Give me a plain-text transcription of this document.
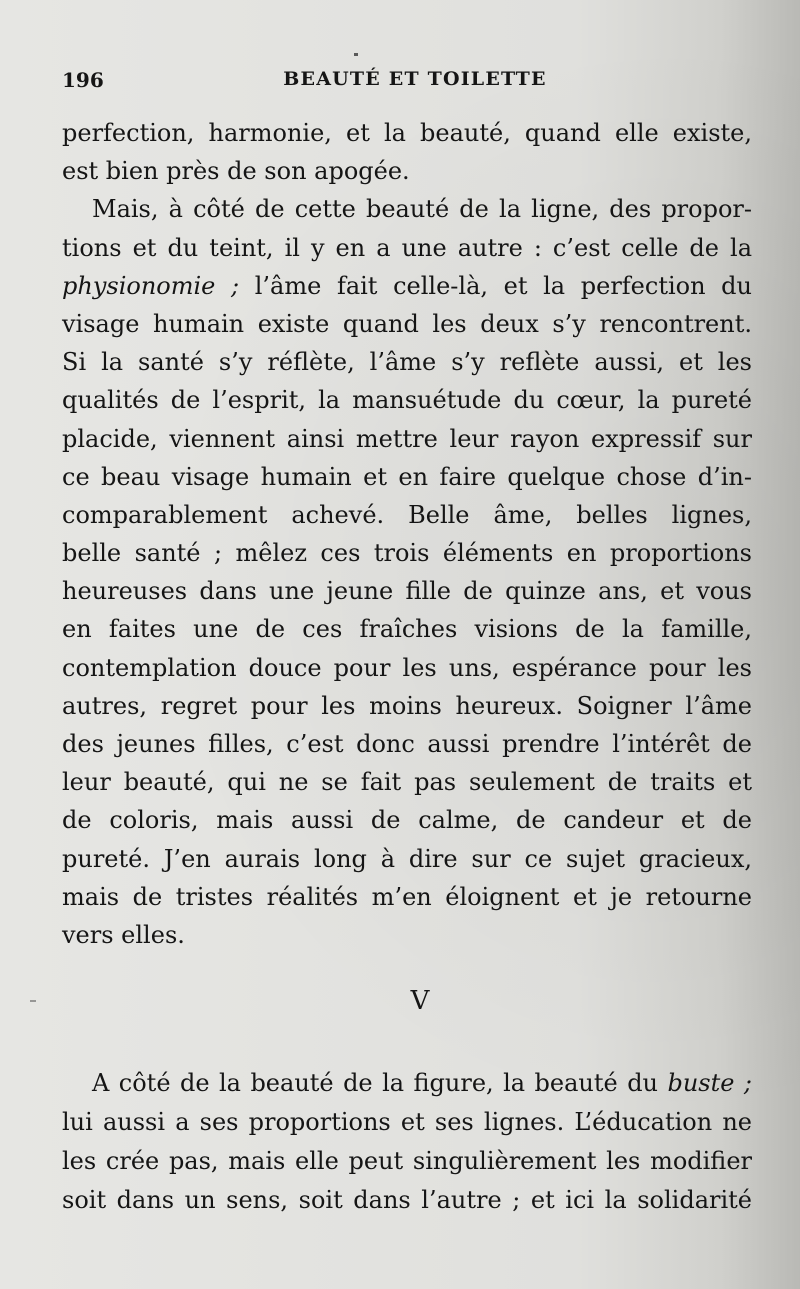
196	BEAUTÉ ET TOILETTE
perfection, harmonie, et la beauté, quand elle existe,
est bien près de son apogée.
Mais, à côté de cette beauté de la ligne, des propor-
tions et du teint, il y en a une autre : c’est celle de la
physionomie ; l’âme fait celle-là, et la perfection du
visage humain existe quand les deux s’y rencontrent.
Si la santé s’y réflète, l’âme s’y reflète aussi, et les
qualités de l’esprit, la mansuétude du cœur, la pureté
placide, viennent ainsi mettre leur rayon expressif sur
ce beau visage humain et en faire quelque chose d’in-
comparablement achevé. Belle âme, belles lignes,
belle santé ; mêlez ces trois éléments en proportions
heureuses dans une jeune fille de quinze ans, et vous
en faites une de ces fraîches visions de la famille,
contemplation douce pour les uns, espérance pour les
autres, regret pour les moins heureux. Soigner l’âme
des jeunes filles, c’est donc aussi prendre l’intérêt de
leur beauté, qui ne se fait pas seulement de traits et
de coloris, mais aussi de calme, de candeur et de
pureté. J’en aurais long à dire sur ce sujet gracieux,
mais de tristes réalités m’en éloignent et je retourne
vers elles.
V
A côté de la beauté de la figure, la beauté du buste ;
lui aussi a ses proportions et ses lignes. L’éducation ne
les crée pas, mais elle peut singulièrement les modifier
soit dans un sens, soit dans l’autre ; et ici la solidarité
